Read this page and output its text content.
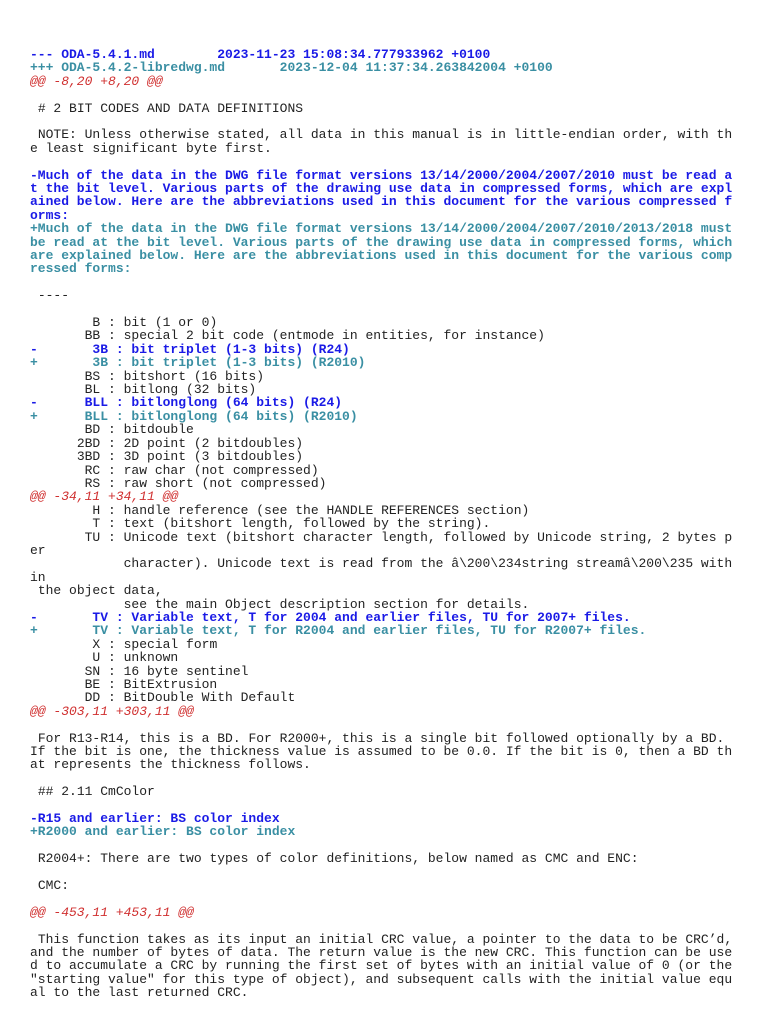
--- ODA-5.4.1.md        2023-11-23 15:08:34.777933962 +0100
+++ ODA-5.4.2-libredwg.md       2023-12-04 11:37:34.263842004 +0100
@@ -8,20 +8,20 @@
# 2 BIT CODES AND DATA DEFINITIONS
NOTE: Unless otherwise stated, all data in this manual is in little-endian order, with the least significant byte first.
-Much of the data in the DWG file format versions 13/14/2000/2004/2007/2010 must be read at the bit level. Various parts of the drawing use data in compressed forms, which are explained below. Here are the abbreviations used in this document for the various compressed forms:
+Much of the data in the DWG file format versions 13/14/2000/2004/2007/2010/2013/2018 must be read at the bit level. Various parts of the drawing use data in compressed forms, which are explained below. Here are the abbreviations used in this document for the various compressed forms:
----
B : bit (1 or 0)
BB : special 2 bit code (entmode in entities, for instance)
-       3B : bit triplet (1-3 bits) (R24)
+       3B : bit triplet (1-3 bits) (R2010)
BS : bitshort (16 bits)
BL : bitlong (32 bits)
-      BLL : bitlonglong (64 bits) (R24)
+      BLL : bitlonglong (64 bits) (R2010)
BD : bitdouble
2BD : 2D point (2 bitdoubles)
3BD : 3D point (3 bitdoubles)
RC : raw char (not compressed)
RS : raw short (not compressed)
@@ -34,11 +34,11 @@
H : handle reference (see the HANDLE REFERENCES section)
T : text (bitshort length, followed by the string).
TU : Unicode text (bitshort character length, followed by Unicode string, 2 bytes per
character). Unicode text is read from the â\200\234string streamâ\200\235 within
the object data,
see the main Object description section for details.
-       TV : Variable text, T for 2004 and earlier files, TU for 2007+ files.
+       TV : Variable text, T for R2004 and earlier files, TU for R2007+ files.
X : special form
U : unknown
SN : 16 byte sentinel
BE : BitExtrusion
DD : BitDouble With Default
@@ -303,11 +303,11 @@
For R13-R14, this is a BD. For R2000+, this is a single bit followed optionally by a BD. If the bit is one, the thickness value is assumed to be 0.0. If the bit is 0, then a BD that represents the thickness follows.
## 2.11 CmColor
-R15 and earlier: BS color index
+R2000 and earlier: BS color index
R2004+: There are two types of color definitions, below named as CMC and ENC:
CMC:
@@ -453,11 +453,11 @@
This function takes as its input an initial CRC value, a pointer to the data to be CRC’d, and the number of bytes of data. The return value is the new CRC. This function can be used to accumulate a CRC by running the first set of bytes with an initial value of 0 (or the "starting value" for this type of object), and subsequent calls with the initial value equal to the last returned CRC.
